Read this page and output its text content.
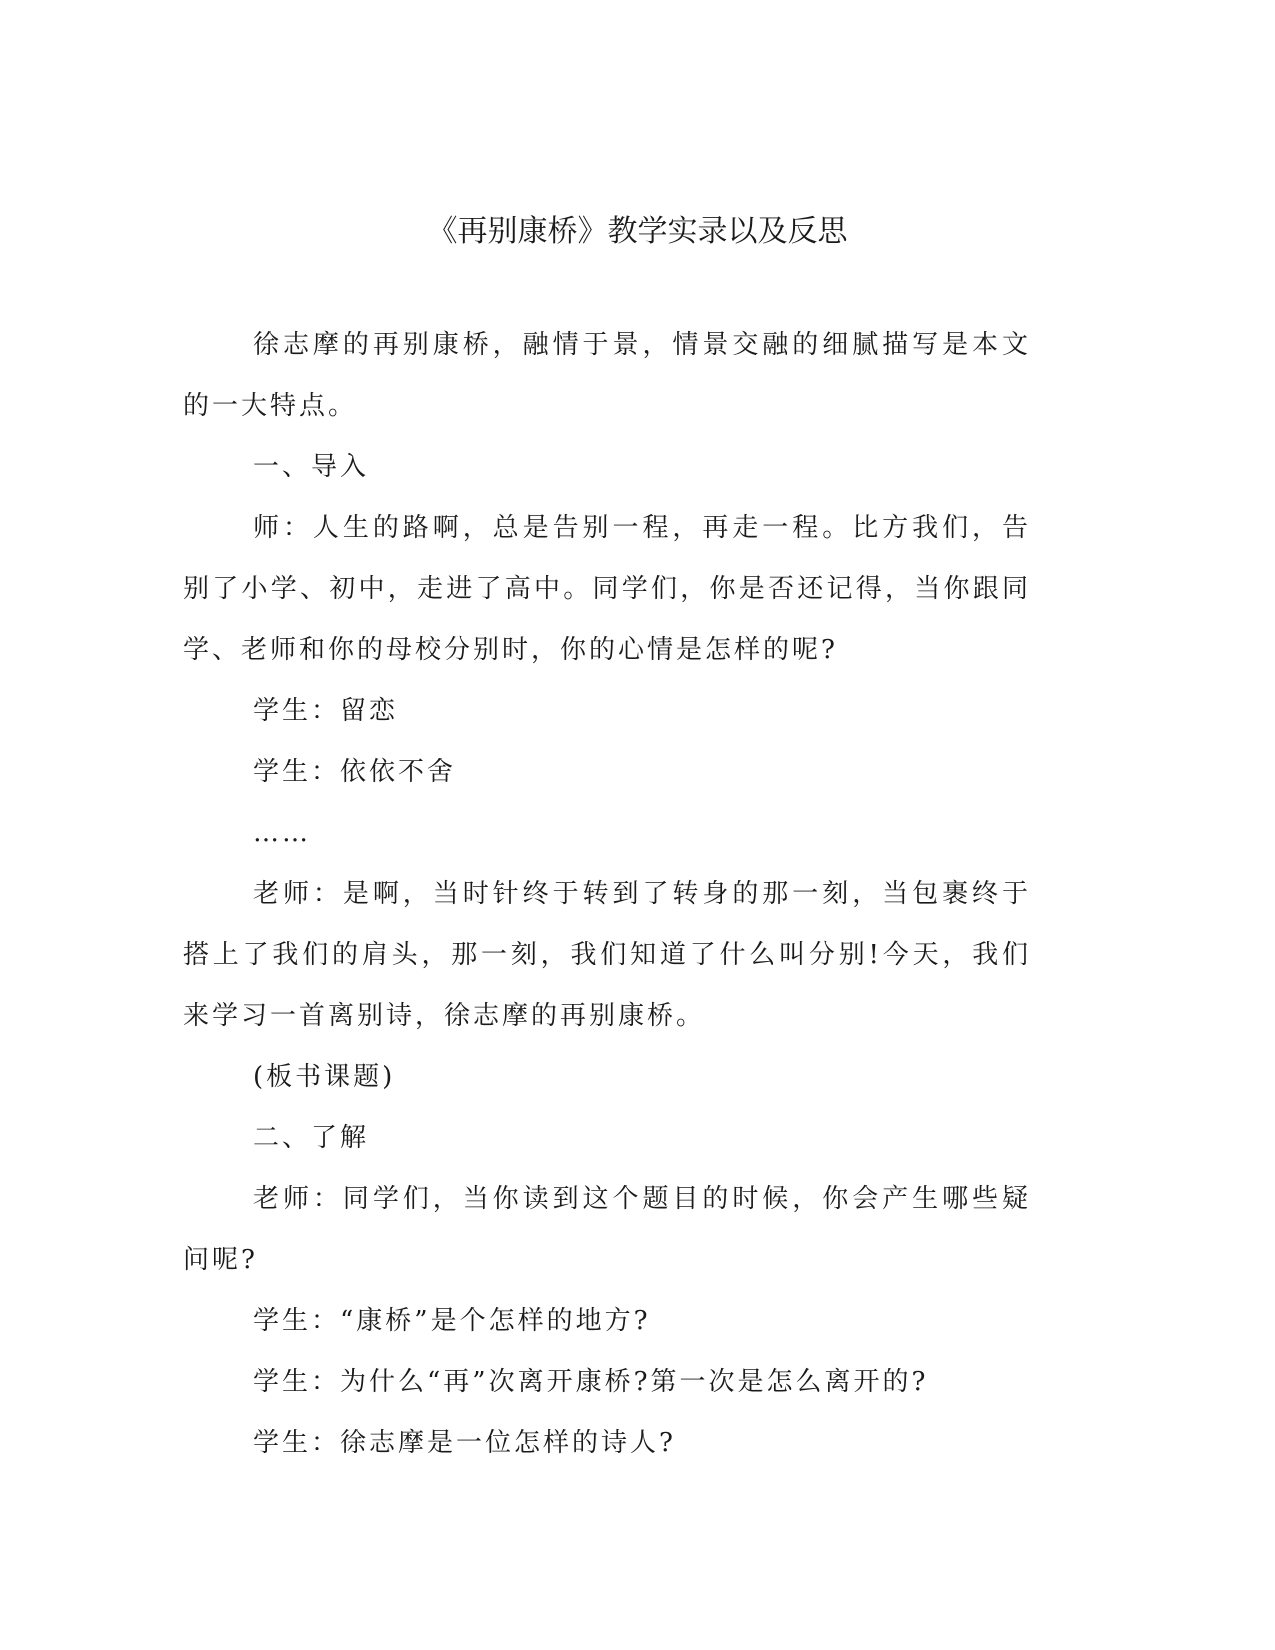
《再别康桥》教学实录以及反思

徐志摩的再别康桥，融情于景，情景交融的细腻描写是本文的一大特点。

一、导入

师：人生的路啊，总是告别一程，再走一程。比方我们，告别了小学、初中，走进了高中。同学们，你是否还记得，当你跟同学、老师和你的母校分别时，你的心情是怎样的呢?

学生：留恋

学生：依依不舍

……

老师：是啊，当时针终于转到了转身的那一刻，当包裹终于搭上了我们的肩头，那一刻，我们知道了什么叫分别!今天，我们来学习一首离别诗，徐志摩的再别康桥。

(板书课题)

二、了解

老师：同学们，当你读到这个题目的时候，你会产生哪些疑问呢?

学生：“康桥”是个怎样的地方?

学生：为什么“再”次离开康桥?第一次是怎么离开的?

学生：徐志摩是一位怎样的诗人?
